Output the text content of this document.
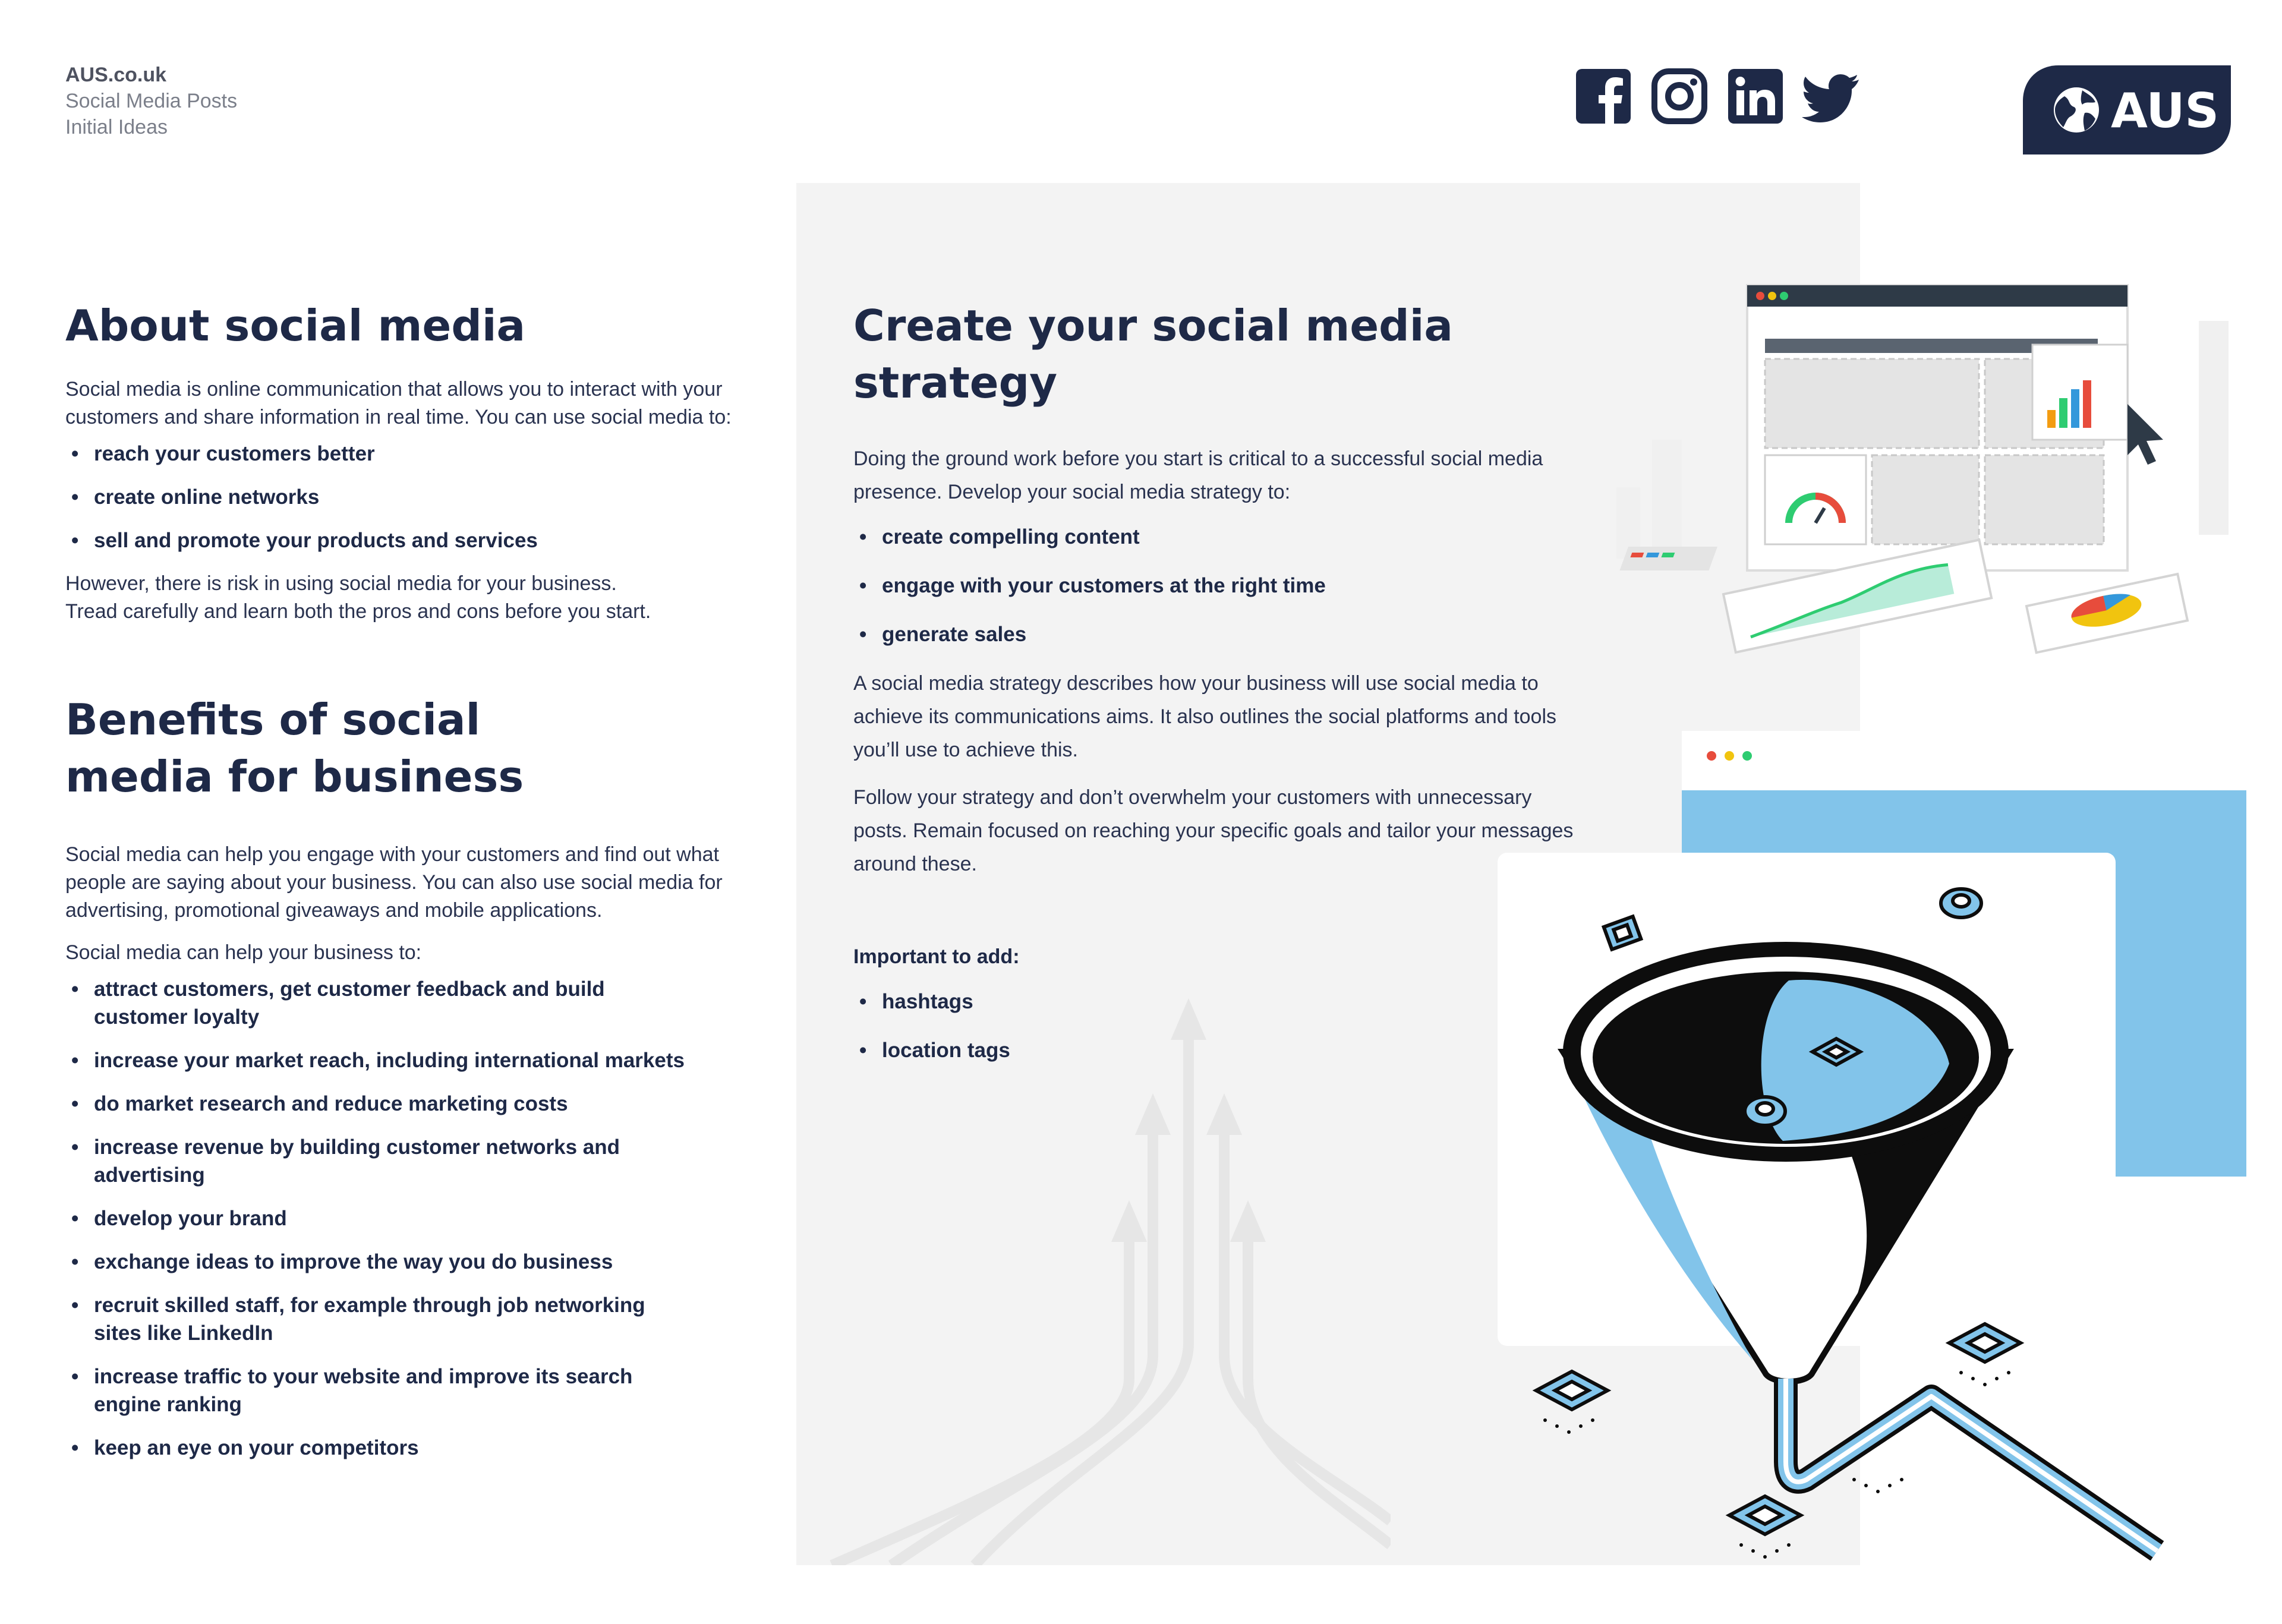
AUS.co.uk
Social Media Posts
Initial Ideas	AUS
About social media

Social media is online communication that allows you to interact with your customers and share information in real time. You can use social media to:

• reach your customers better
• create online networks
• sell and promote your products and services

However, there is risk in using social media for your business.

Tread carefully and learn both the pros and cons before you start.

Benefits of social media for business

Social media can help you engage with your customers and find out what people are saying about your business. You can also use social media for advertising, promotional giveaways and mobile applications.

Social media can help your business to:

• attract customers, get customer feedback and build customer loyalty
• increase your market reach, including international markets
• do market research and reduce marketing costs
• increase revenue by building customer networks and advertising
• develop your brand
• exchange ideas to improve the way you do business
• recruit skilled staff, for example through job networking sites like LinkedIn
• increase traffic to your website and improve its search engine ranking
• keep an eye on your competitors
Create your social media strategy

Doing the ground work before you start is critical to a successful social media presence. Develop your social media strategy to:

• create compelling content
• engage with your customers at the right time
• generate sales

A social media strategy describes how your business will use social media to achieve its communications aims. It also outlines the social platforms and tools you’ll use to achieve this.

Follow your strategy and don’t overwhelm your customers with unnecessary posts. Remain focused on reaching your specific goals and tailor your messages around these.

Important to add:

• hashtags
• location tags
